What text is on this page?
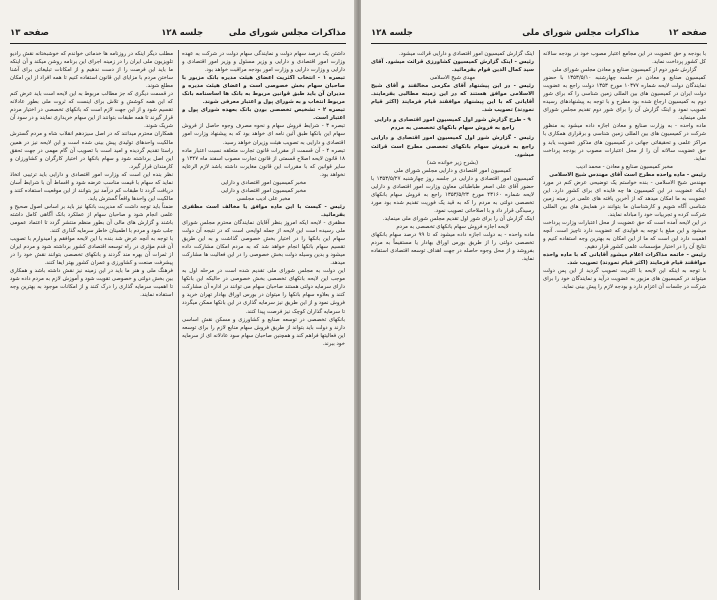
مذاکرات مجلس شورای ملی
جلسه ۱۲۸
صفحه ۱۳

داشتن یک درصد سهام دولت و نمایندگی سهام دولت در شرکت به عهده وزارت امور اقتصادی و دارایی و وزیر مسئول و وزیر امور اقتصادی و دارایی و وزارت دارایی و وزارت امور بودجه مراقبت خواهد بود.

تبصره ۱ - انتخاب اکثریت اعضای هیئت مدیره بانک مزبور با صاحبان سهام بخش خصوصی است و اعضای هیئت مدیره و مدیران آن باید طبق قوانین مربوط به بانک ها اساسنامه بانک مربوط انتخاب و به شورای پول و اعتبار معرفی شوند.

تبصره ۲ - تشخیص تخصصی بودن بانک بعهده شورای پول و اعتبار است.

تبصره ۳ - شرایط فروش سهام و نحوه مصرف وجوه حاصل از فروش سهام این بانکها طبق آئین نامه ای خواهد بود که به پیشنهاد وزارت امور اقتصادی و دارایی به تصویب هیئت وزیران خواهد رسید.

تبصره ۴ - آن قسمت از مقررات قانون تجارت متعلقه نسبت اعتبار ماده ۱۸ قانون لایحه اصلاح قسمتی از قانون تجارت مصوب اسفند ماه ۱۳۴۷ و سایر قوانین که با مقررات این قانون مغایرت داشته باشد لازم الرعایه نخواهد بود.

مخبر کمیسیون امور اقتصادی و دارایی

مخبر کمیسیون امور اقتصادی و دارایی

مخبر علی ادیب مجلسی

رئیس - کیست با این ماده موافق یا مخالف است مظفری بفرمائید.

مظفری - لایحه ایکه امروز بنظر آقایان نمایندگان محترم مجلس شورای ملی رسیده است این لایحه از جمله لوایحی است که در نتیجه آن دولت سهام این بانکها را در اختیار بخش خصوصی گذاشت و به این طریق تقسیم سهام بانکها انجام خواهد شد که به مردم امکان مشارکت داده میشود و بدین وسیله دولت بخش خصوصی را در این فعالیت ها مشارکت میدهد.

این دولت به مجلس شورای ملی تقدیم شده است در مرحله اول به موجب این لایحه بانکهای تخصصی بخش خصوصی در حالیکه این بانکها دارای سرمایه دولتی هستند صاحبان سهام می توانند در اداره آن مشارکت کنند و بعلاوه سهام بانکها را میتوان در بورس اوراق بهادار تهران خرید و فروش نمود و از این طریق نیز سرمایه گذاری در این بانکها ممکن میگردد تا سرمایه گذاران کوچک نیز فرصت پیدا کنند.

بانکهای تخصصی در توسعه صنایع و کشاورزی و مسکن نقش اساسی دارند و دولت باید بتواند از طریق فروش سهام منابع لازم را برای توسعه این فعالیتها فراهم کند و همچنین صاحبان سهام سود عادلانه ای از سرمایه خود ببرند.

مطلب دیگر اینکه در روزنامه ها خدماتی خواندم که خوشبختانه نقش رادیو تلویزیون ملی ایران را در زمینه اجرای این برنامه روشن میکند و آن اینکه ما باید این فرصت را از دست ندهیم و از امکانات تبلیغاتی برای آشنا ساختن مردم با مزایای این قانون استفاده کنیم تا همه افراد از این امکان مطلع شوند.

در قسمت دیگری که جز مطالب مربوط به این لایحه است باید عرض کنم که این همه کوشش و تلاش برای اینست که ثروت ملی بطور عادلانه تقسیم شود و از این جهت لازم است که بانکهای تخصصی در اختیار مردم قرار گیرند تا همه طبقات بتوانند از این سهام خریداری نمایند و در سود آن شریک شوند.

همکاران محترم میدانند که در اصل سیزدهم انقلاب شاه و مردم گسترش مالکیت واحدهای تولیدی پیش بینی شده است و این لایحه نیز در همین راستا تقدیم گردیده و امید است با تصویب آن گام مهمی در جهت تحقق این اصل برداشته شود و سهام بانکها در اختیار کارگران و کشاورزان و کارمندان قرار گیرد.

نظر بنده این است که وزارت امور اقتصادی و دارایی باید ترتیبی اتخاذ نماید که سهام با قیمت مناسب عرضه شود و اقساط آن با شرایط آسان دریافت گردد تا طبقات کم درآمد نیز بتوانند از این موقعیت استفاده کنند و مالکیت این واحدها واقعاً گسترش یابد.

ضمناً باید توجه داشت که مدیریت بانکها نیز باید بر اساس اصول صحیح و علمی انجام شود و صاحبان سهام از عملکرد بانک آگاهی کامل داشته باشند و گزارش های مالی آن بطور منظم منتشر گردد تا اعتماد عمومی جلب شود و مردم با اطمینان خاطر سرمایه گذاری کنند.

با توجه به آنچه عرض شد بنده با این لایحه موافقم و امیدوارم با تصویب آن قدم مؤثری در راه توسعه اقتصادی کشور برداشته شود و مردم ایران از ثمرات آن بهره مند گردند و بانکهای تخصصی بتوانند نقش خود را در پیشرفت صنعت و کشاورزی و عمران کشور بهتر ایفا کنند.

فرهنگ ملی و هنر ما باید در این زمینه نیز نقش داشته باشد و همکاری بین بخش دولتی و خصوصی تقویت شود و آموزش لازم به مردم داده شود تا اهمیت سرمایه گذاری را درک کنند و از امکانات موجود به بهترین وجه استفاده نمایند.

صفحه ۱۲
مذاکرات مجلس شورای ملی
جلسه ۱۲۸

با بودجه و حق عضویت در این مجامع اعتبار مصوب خود در بودجه سالانه کل کشور پرداخت نماید.

گزارش شور دوم از کمیسیون صنایع و معادن مجلس شورای ملی

کمیسیون صنایع و معادن در جلسه چهارشنبه ۱۳۵۳/۵/۱۰ با حضور نمایندگان دولت لایحه شماره ۱۰۳۷۷ مورخ ۱۳۵۳ دولت راجع به عضویت دولت ایران در کمیسیون های بین المللی زمین شناسی را که برای شور دوم به کمیسیون ارجاع شده بود مطرح و با توجه به پیشنهادهای رسیده تصویب نمود و اینک گزارش آن را برای شور دوم تقدیم مجلس شورای ملی مینماید.

ماده واحده - به وزارت صنایع و معادن اجازه داده میشود به منظور شرکت در کمیسیون های بین المللی زمین شناسی و برقراری همکاری با مراکز علمی و تحقیقاتی جهانی در کمیسیون های مذکور عضویت یابد و حق عضویت سالانه آن را از محل اعتبارات مصوب در بودجه پرداخت نماید.

مخبر کمیسیون صنایع و معادن - محمد ادیب

رئیس - ماده واحده مطرح است آقای مهندس شیخ الاسلامی

مهندس شیخ الاسلامی - بنده خواستم یک توضیحی عرض کنم در مورد اینکه عضویت در این کمیسیون ها چه فایده ای برای کشور دارد. این عضویت به ما امکان میدهد که از آخرین یافته های علمی در زمینه زمین شناسی آگاه شویم و کارشناسان ما بتوانند در همایش های بین المللی شرکت کرده و تجربیات خود را مبادله نمایند.

در این لایحه آمده است که حق عضویت از محل اعتبارات وزارت پرداخت میشود و این مبلغ با توجه به فوایدی که عضویت دارد ناچیز است. آنچه اهمیت دارد این است که ما از این امکان به بهترین وجه استفاده کنیم و نتایج آن را در اختیار مؤسسات علمی کشور قرار دهیم.

رئیس - خاتمه مذاکرات اعلام میشود آقایانی که با ماده واحده موافقند قیام فرمایند (اکثر قیام نمودند) تصویب شد.

با توجه به اینکه این لایحه با اکثریت تصویب گردید از این پس دولت میتواند در کمیسیون های مزبور به عضویت درآید و نمایندگان خود را برای شرکت در جلسات آن اعزام دارد و بودجه لازم را پیش بینی نماید.

اینک گزارش کمیسیون امور اقتصادی و دارایی قرائت میشود.

رئیس - اینک گزارش کمیسیون کشاورزی قرائت میشود. آقای سید کمال الدین قوام بفرمائید.

مهدی شیخ الاسلامی

رئیس - در این پیشنهاد آقای مکرمی مخالفند و آقای شیخ الاسلامی موافق هستند که در این زمینه مطالبی بفرمایند. آقایانی که با این پیشنهاد موافقند قیام فرمایند (اکثر قیام نمودند) تصویب شد.

۹ - طرح گزارش شور اول کمیسیون امور اقتصادی و دارایی راجع به فروش سهام بانکهای تخصصی به مردم

رئیس - گزارش شور اول کمیسیون امور اقتصادی و دارایی راجع به فروش سهام بانکهای تخصصی مطرح است قرائت میشود.

(بشرح زیر خوانده شد)

کمیسیون امور اقتصادی و دارایی مجلس شورای ملی

کمیسیون امور اقتصادی و دارایی در جلسه روز چهارشنبه ۱۳۵۳/۵/۲۷ با حضور آقای علی اصغر طباطبائی معاون وزارت امور اقتصادی و دارایی لایحه شماره ۴۳۱۶۰ مورخ ۱۳۵۳/۵/۲۳ راجع به فروش سهام بانکهای تخصصی دولتی به مردم را که به قید یک فوریت تقدیم شده بود مورد رسیدگی قرار داد و با اصلاحاتی تصویب نمود.

اینک گزارش آن را برای شور اول تقدیم مجلس شورای ملی مینماید.

لایحه اجازه فروش سهام بانکهای تخصصی به مردم

ماده واحده - به دولت اجازه داده میشود که تا ۹۹ درصد سهام بانکهای تخصصی دولتی را از طریق بورس اوراق بهادار یا مستقیماً به مردم بفروشد و از محل وجوه حاصله در جهت اهداف توسعه اقتصادی استفاده نماید.
